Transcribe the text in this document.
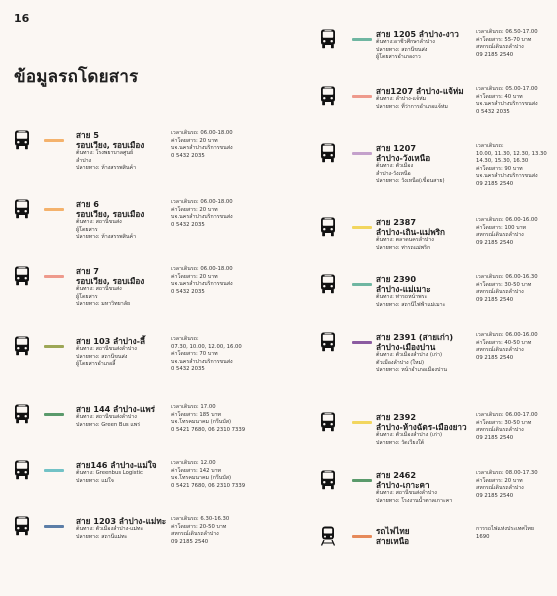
16
ข้อมูลรถโดยสาร
สาย 5
รอบเวียง, รอบเมือง
ต้นทาง: โรงพยาบาลศูนย์
ลำปาง
ปลายทาง: ห้างสรรพสินค้า
เวลาเดินรถ: 06.00-18.00
ค่าโดยสาร: 20 บาท
บจ.นครลำปางบริการขนส่ง
0 5432 2035
สาย 6
รอบเวียง, รอบเมือง
ต้นทาง: สถานีขนส่ง
ผู้โดยสาร
ปลายทาง: ห้างสรรพสินค้า
เวลาเดินรถ: 06.00-18.00
ค่าโดยสาร: 20 บาท
บจ.นครลำปางบริการขนส่ง
0 5432 2035
สาย 7
รอบเวียง, รอบเมือง
ต้นทาง: สถานีขนส่ง
ผู้โดยสาร
ปลายทาง: มหาวิทยาลัย
เวลาเดินรถ: 06.00-18.00
ค่าโดยสาร: 20 บาท
บจ.นครลำปางบริการขนส่ง
0 5432 2035
สาย 103 ลำปาง-ลี้
ต้นทาง: สถานีขนส่งลำปาง
ปลายทาง: สถานีขนส่ง
ผู้โดยสารอำเภอลี้
เวลาเดินรถ:
07.30, 10.00, 12.00, 16.00
ค่าโดยสาร: 70 บาท
บจ.นครลำปางบริการขนส่ง
0 5432 2035
สาย 144 ลำปาง-แพร่
ต้นทาง: สถานีขนส่งลำปาง
ปลายทาง: Green Bus แพร่
เวลาเดินรถ: 17.00
ค่าโดยสาร: 185 บาท
บจ.โทรคมนาคม (กรีนบัส)
0 5421 7680, 06 2310 7339
สาย146 ลำปาง-แม่ใจ
ต้นทาง: Greenbus Logistic
ปลายทาง: แม่ใจ
เวลาเดินรถ: 12.00
ค่าโดยสาร: 142 บาท
บจ.โทรคมนาคม (กรีนบัส)
0 5421 7680, 06 2310 7339
สาย 1203 ลำปาง-แม่ทะ
ต้นทาง: ตัวเมืองลำปาง-แม่ทะ
ปลายทาง: สถานีแม่ทะ
เวลาเดินรถ: 6.30-16.30
ค่าโดยสาร: 20-50 บาท
สหกรณ์เดินรถลำปาง
09 2185 2540
สาย 1205 ลำปาง-งาว
ต้นทาง:อาชีวศึกษาลำปาง
ปลายทาง: สถานีขนส่ง
ผู้โดยสารอำเภองาว
เวลาเดินรถ: 06.50-17.00
ค่าโดยสาร: 55-70 บาท
สหกรณ์เดินรถลำปาง
09 2185 2540
สาย1207 ลำปาง-แจ้ห่ม
ต้นทาง: ลำปาง-แจ้ห่ม
ปลายทาง: ที่ว่าการอำเภอแจ้ห่ม
เวลาเดินรถ: 05.00-17.00
ค่าโดยสาร: 40 บาท
บจ.นครลำปางบริการขนส่ง
0 5432 2035
สาย 1207
ลำปาง-วังเหนือ
ต้นทาง: ตัวเมือง
ลำปาง-วังเหนือ
ปลายทาง: วังเหนือ(เขื่อนสาย)
เวลาเดินรถ:
10.00, 11.30, 12.30, 13.30
14.30, 15.30, 16.30
ค่าโดยสาร: 90 บาท
บจ.นครลำปางบริการขนส่ง
09 2185 2540
สาย 2387
ลำปาง-เถิน-แม่พริก
ต้นทาง: ตลาดนครลำปาง
ปลายทาง: ท่ารถแม่พริก
เวลาเดินรถ: 06.00-16.00
ค่าโดยสาร: 100 บาท
สหกรณ์เดินรถลำปาง
09 2185 2540
สาย 2390
ลำปาง-แม่เมาะ
ต้นทาง: ท่ารถหน้าพระ
ปลายทาง: สถานีไฟฟ้าแม่เมาะ
เวลาเดินรถ: 06.00-16.30
ค่าโดยสาร: 30-50 บาท
สหกรณ์เดินรถลำปาง
09 2185 2540
สาย 2391 (สายเก่า)
ลำปาง-เมืองปาน
ต้นทาง: ตัวเมืองลำปาง (เก่า)
ตัวเมืองลำปาง (ใหม่)
ปลายทาง: หน้าอำเภอเมืองปาน
เวลาเดินรถ: 06.00-16.00
ค่าโดยสาร: 40-50 บาท
สหกรณ์เดินรถลำปาง
09 2185 2540
สาย 2392
ลำปาง-ห้างฉัตร-เมืองยาว
ต้นทาง: ตัวเมืองลำปาง (เก่า)
ปลายทาง: วัดเวียงใต้
เวลาเดินรถ: 06.00-17.00
ค่าโดยสาร: 30-50 บาท
สหกรณ์เดินรถลำปาง
09 2185 2540
สาย 2462
ลำปาง-เกาะคา
ต้นทาง: สถานีขนส่งลำปาง
ปลายทาง: โรงงานน้ำตาลเกาะคา
เวลาเดินรถ: 08.00-17.30
ค่าโดยสาร: 20 บาท
สหกรณ์เดินรถลำปาง
09 2185 2540
รถไฟไทย
สายเหนือ
การรถไฟแห่งประเทศไทย
1690
